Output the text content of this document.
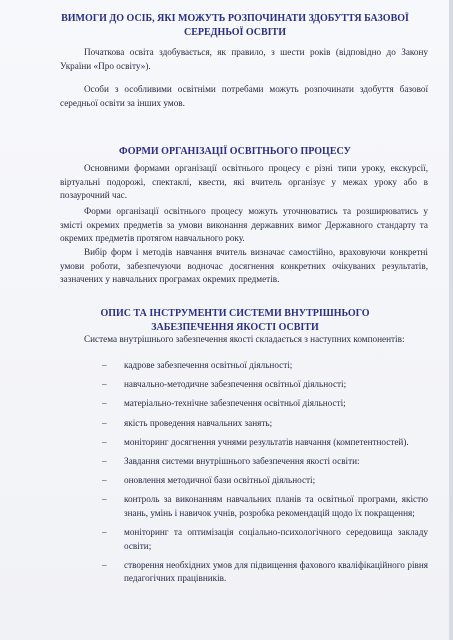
ВИМОГИ ДО ОСІБ, ЯКІ МОЖУТЬ РОЗПОЧИНАТИ ЗДОБУТТЯ БАЗОВОЇ СЕРЕДНЬОЇ ОСВІТИ

Початкова освіта здобувається, як правило, з шести років (відповідно до Закону України «Про освіту»).

Особи з особливими освітніми потребами можуть розпочинати здобуття базової середньої освіти за інших умов.

ФОРМИ ОРГАНІЗАЦІЇ ОСВІТНЬОГО ПРОЦЕСУ

Основними формами організації освітнього процесу є різні типи уроку, екскурсії, віртуальні подорожі, спектаклі, квести, які вчитель організує у межах уроку або в позаурочний час.

Форми організації освітнього процесу можуть уточнюватись та розширюватись у змісті окремих предметів за умови виконання державних вимог Державного стандарту та окремих предметів протягом навчального року.

Вибір форм і методів навчання вчитель визначає самостійно, враховуючи конкретні умови роботи, забезпечуючи водночас досягнення конкретних очікуваних результатів, зазначених у навчальних програмах окремих предметів.

ОПИС ТА ІНСТРУМЕНТИ СИСТЕМИ ВНУТРІШНЬОГО ЗАБЕЗПЕЧЕННЯ ЯКОСТІ ОСВІТИ

Система внутрішнього забезпечення якості складається з наступних компонентів:

– кадрове забезпечення освітньої діяльності;
– навчально-методичне забезпечення освітньої діяльності;
– матеріально-технічне забезпечення освітньої діяльності;
– якість проведення навчальних занять;
– моніторинг досягнення учнями результатів навчання (компетентностей).
– Завдання системи внутрішнього забезпечення якості освіти:
– оновлення методичної бази освітньої діяльності;
– контроль за виконанням навчальних планів та освітньої програми, якістю знань, умінь і навичок учнів, розробка рекомендацій щодо їх покращення;
– моніторинг та оптимізація соціально-психологічного середовища закладу освіти;
– створення необхідних умов для підвищення фахового кваліфікаційного рівня педагогічних працівників.
